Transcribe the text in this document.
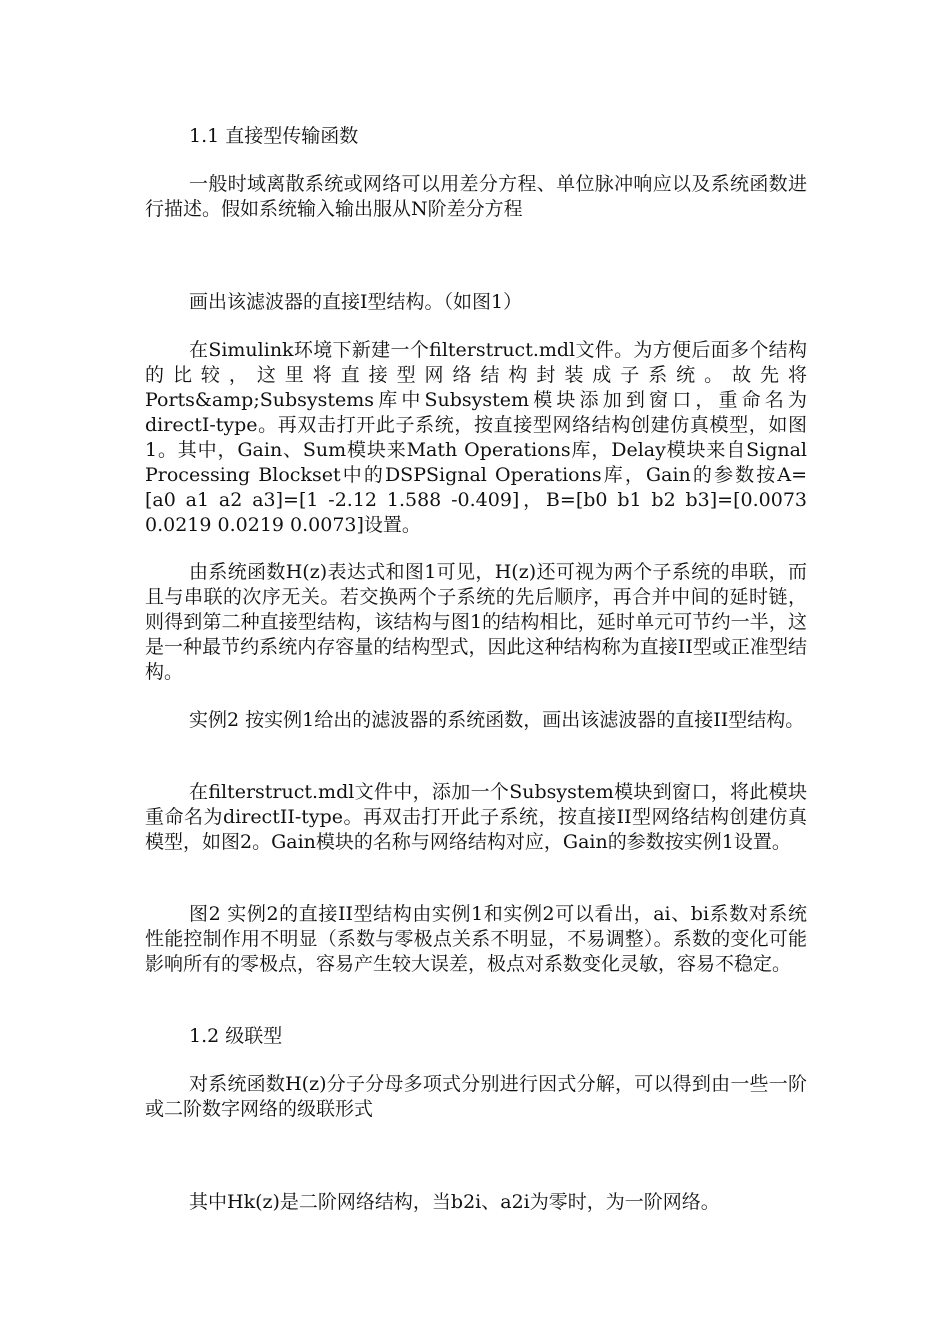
1.1 直接型传输函数

一般时域离散系统或网络可以用差分方程、单位脉冲响应以及系统函数进行描述。假如系统输入输出服从N阶差分方程

画出该滤波器的直接I型结构。（如图1）

在Simulink环境下新建一个filterstruct.mdl文件。为方便后面多个结构的比较，这里将直接型网络结构封装成子系统。故先将Ports&amp;Subsystems库中Subsystem模块添加到窗口，重命名为directI-type。再双击打开此子系统，按直接型网络结构创建仿真模型，如图1。其中，Gain、Sum模块来Math Operations库，Delay模块来自Signal Processing Blockset中的DSPSignal Operations库，Gain的参数按A=[a0 a1 a2 a3]=[1 -2.12 1.588 -0.409]，B=[b0 b1 b2 b3]=[0.0073 0.0219 0.0219 0.0073]设置。

由系统函数H(z)表达式和图1可见，H(z)还可视为两个子系统的串联，而且与串联的次序无关。若交换两个子系统的先后顺序，再合并中间的延时链，则得到第二种直接型结构，该结构与图1的结构相比，延时单元可节约一半，这是一种最节约系统内存容量的结构型式，因此这种结构称为直接II型或正准型结构。

实例2 按实例1给出的滤波器的系统函数，画出该滤波器的直接II型结构。

在filterstruct.mdl文件中，添加一个Subsystem模块到窗口，将此模块重命名为directII-type。再双击打开此子系统，按直接II型网络结构创建仿真模型，如图2。Gain模块的名称与网络结构对应，Gain的参数按实例1设置。

图2 实例2的直接II型结构由实例1和实例2可以看出，ai、bi系数对系统性能控制作用不明显（系数与零极点关系不明显，不易调整）。系数的变化可能影响所有的零极点，容易产生较大误差，极点对系数变化灵敏，容易不稳定。

1.2 级联型

对系统函数H(z)分子分母多项式分别进行因式分解，可以得到由一些一阶或二阶数字网络的级联形式

其中Hk(z)是二阶网络结构，当b2i、a2i为零时，为一阶网络。
